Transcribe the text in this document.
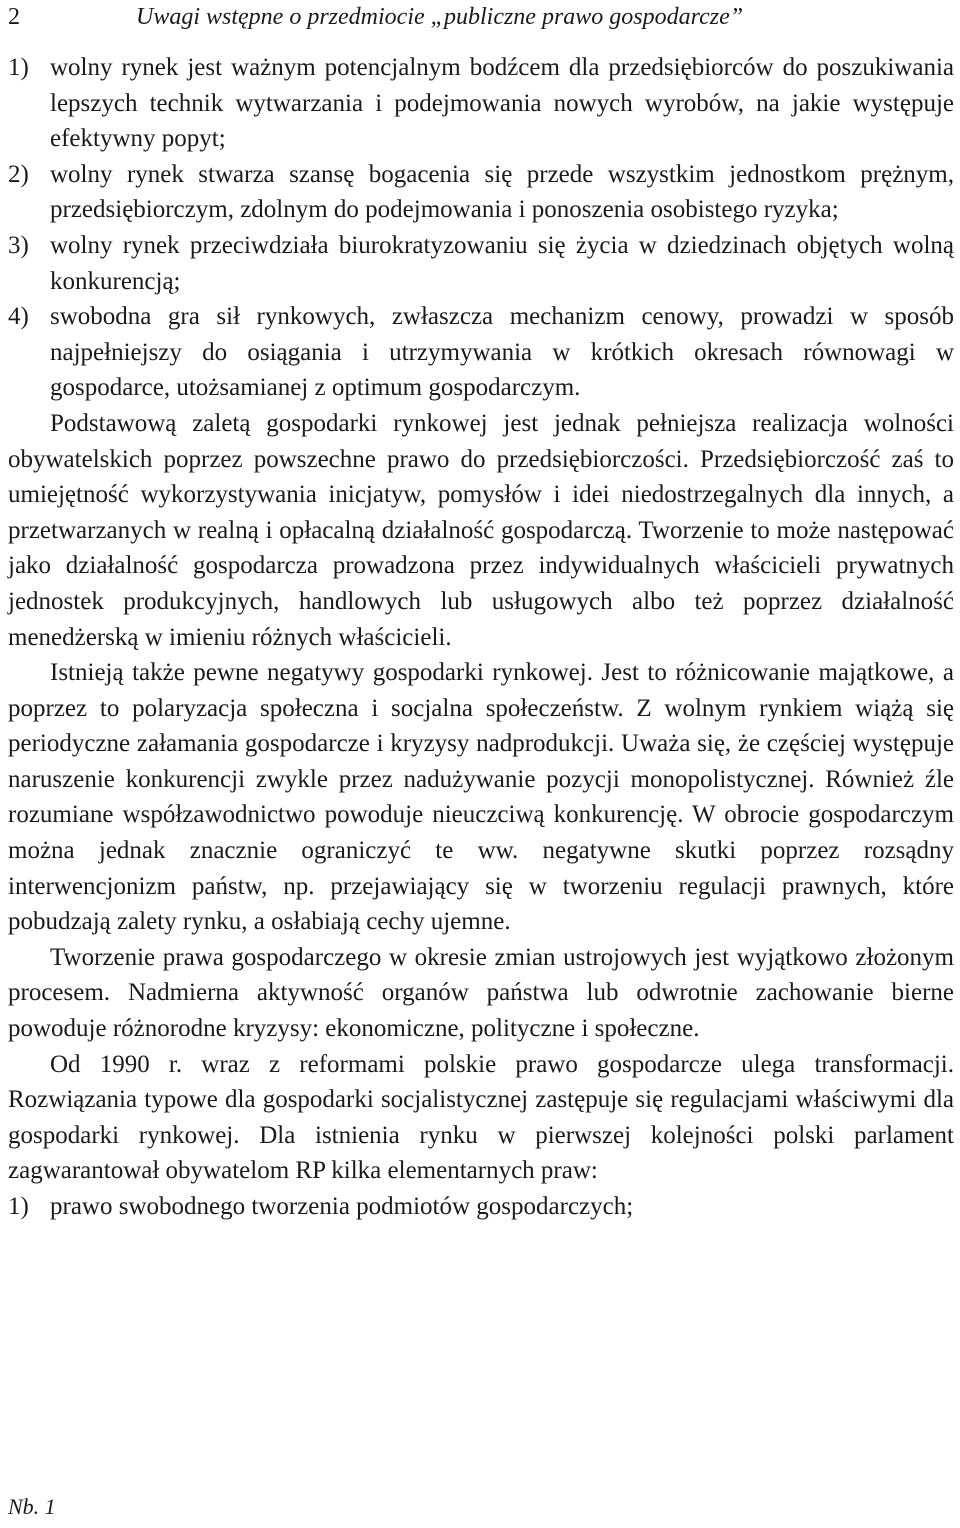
2	Uwagi wstępne o przedmiocie „publiczne prawo gospodarcze”
1) wolny rynek jest ważnym potencjalnym bodźcem dla przedsiębiorców do poszukiwania lepszych technik wytwarzania i podejmowania nowych wyrobów, na jakie występuje efektywny popyt;
2) wolny rynek stwarza szansę bogacenia się przede wszystkim jednostkom prężnym, przedsiębiorczym, zdolnym do podejmowania i ponoszenia osobistego ryzyka;
3) wolny rynek przeciwdziała biurokratyzowaniu się życia w dziedzinach objętych wolną konkurencją;
4) swobodna gra sił rynkowych, zwłaszcza mechanizm cenowy, prowadzi w sposób najpełniejszy do osiągania i utrzymywania w krótkich okresach równowagi w gospodarce, utożsamianej z optimum gospodarczym.

Podstawową zaletą gospodarki rynkowej jest jednak pełniejsza realizacja wolności obywatelskich poprzez powszechne prawo do przedsiębiorczości. Przedsiębiorczość zaś to umiejętność wykorzystywania inicjatyw, pomysłów i idei niedostrzegalnych dla innych, a przetwarzanych w realną i opłacalną działalność gospodarczą. Tworzenie to może następować jako działalność gospodarcza prowadzona przez indywidualnych właścicieli prywatnych jednostek produkcyjnych, handlowych lub usługowych albo też poprzez działalność menedżerską w imieniu różnych właścicieli.

Istnieją także pewne negatywy gospodarki rynkowej. Jest to różnicowanie majątkowe, a poprzez to polaryzacja społeczna i socjalna społeczeństw. Z wolnym rynkiem wiążą się periodyczne załamania gospodarcze i kryzysy nadprodukcji. Uważa się, że częściej występuje naruszenie konkurencji zwykle przez nadużywanie pozycji monopolistycznej. Również źle rozumiane współzawodnictwo powoduje nieuczciwą konkurencję. W obrocie gospodarczym można jednak znacznie ograniczyć te ww. negatywne skutki poprzez rozsądny interwencjonizm państw, np. przejawiający się w tworzeniu regulacji prawnych, które pobudzają zalety rynku, a osłabiają cechy ujemne.

Tworzenie prawa gospodarczego w okresie zmian ustrojowych jest wyjątkowo złożonym procesem. Nadmierna aktywność organów państwa lub odwrotnie zachowanie bierne powoduje różnorodne kryzysy: ekonomiczne, polityczne i społeczne.

Od 1990 r. wraz z reformami polskie prawo gospodarcze ulega transformacji. Rozwiązania typowe dla gospodarki socjalistycznej zastępuje się regulacjami właściwymi dla gospodarki rynkowej. Dla istnienia rynku w pierwszej kolejności polski parlament zagwarantował obywatelom RP kilka elementarnych praw:

1) prawo swobodnego tworzenia podmiotów gospodarczych;
Nb. 1
